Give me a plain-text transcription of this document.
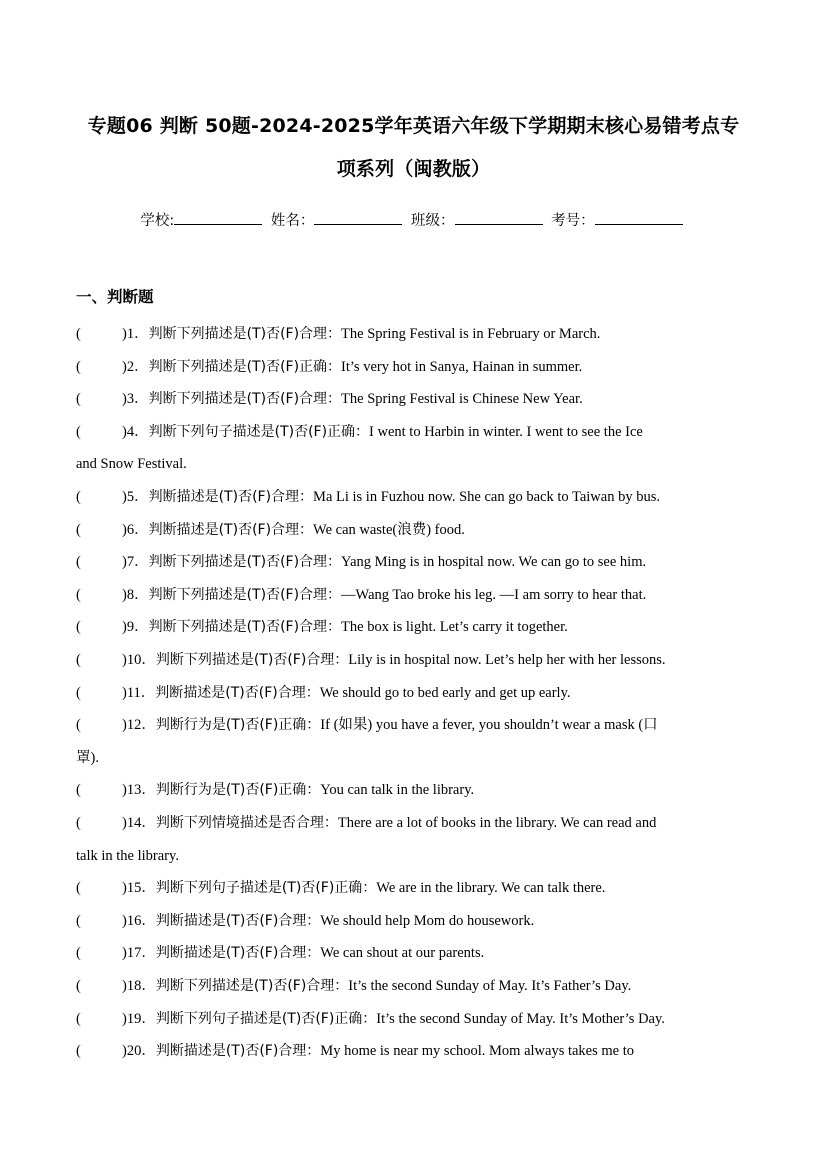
专题06 判断 50题-2024-2025学年英语六年级下学期期末核心易错考点专
项系列（闽教版）
学校:	姓名：	班级：	考号：
一、判断题
(	)1．判断下列描述是(T)否(F)合理：The Spring Festival is in February or March.
(	)2．判断下列描述是(T)否(F)正确：It’s very hot in Sanya, Hainan in summer.
(	)3．判断下列描述是(T)否(F)合理：The Spring Festival is Chinese New Year.
(	)4．判断下列句子描述是(T)否(F)正确：I went to Harbin in winter. I went to see the Ice
and Snow Festival.
(	)5．判断描述是(T)否(F)合理：Ma Li is in Fuzhou now. She can go back to Taiwan by bus.
(	)6．判断描述是(T)否(F)合理：We can waste(浪费) food.
(	)7．判断下列描述是(T)否(F)合理：Yang Ming is in hospital now. We can go to see him.
(	)8．判断下列描述是(T)否(F)合理：—Wang Tao broke his leg. —I am sorry to hear that.
(	)9．判断下列描述是(T)否(F)合理：The box is light. Let’s carry it together.
(	)10．判断下列描述是(T)否(F)合理：Lily is in hospital now. Let’s help her with her lessons.
(	)11．判断描述是(T)否(F)合理：We should go to bed early and get up early.
(	)12．判断行为是(T)否(F)正确：If (如果) you have a fever, you shouldn’t wear a mask (口
罩).
(	)13．判断行为是(T)否(F)正确：You can talk in the library.
(	)14．判断下列情境描述是否合理：There are a lot of books in the library. We can read and
talk in the library.
(	)15．判断下列句子描述是(T)否(F)正确：We are in the library. We can talk there.
(	)16．判断描述是(T)否(F)合理：We should help Mom do housework.
(	)17．判断描述是(T)否(F)合理：We can shout at our parents.
(	)18．判断下列描述是(T)否(F)合理：It’s the second Sunday of May. It’s Father’s Day.
(	)19．判断下列句子描述是(T)否(F)正确：It’s the second Sunday of May. It’s Mother’s Day.
(	)20．判断描述是(T)否(F)合理：My home is near my school. Mom always takes me to
